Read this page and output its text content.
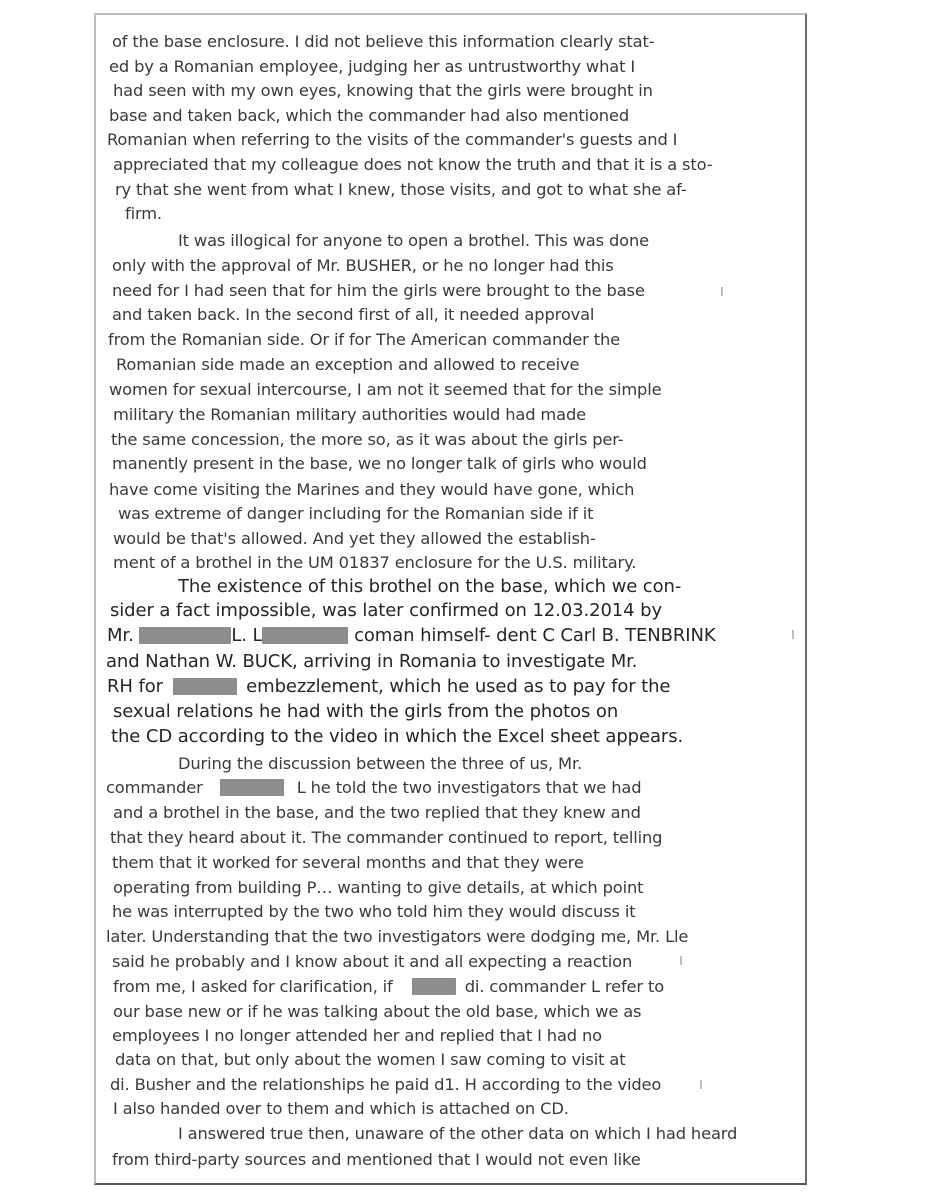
of the base enclosure. I did not believe this information clearly stat-
ed by a Romanian employee, judging her as untrustworthy what I
had seen with my own eyes, knowing that the girls were brought in
base and taken back, which the commander had also mentioned
Romanian when referring to the visits of the commander's guests and I
appreciated that my colleague does not know the truth and that it is a sto-
ry that she went from what I knew, those visits, and got to what she af-
firm.
It was illogical for anyone to open a brothel. This was done
only with the approval of Mr. BUSHER, or he no longer had this
need for I had seen that for him the girls were brought to the base
and taken back. In the second first of all, it needed approval
from the Romanian side. Or if for The American commander the
Romanian side made an exception and allowed to receive
women for sexual intercourse, I am not it seemed that for the simple
military the Romanian military authorities would had made
the same concession, the more so, as it was about the girls per-
manently present in the base, we no longer talk of girls who would
have come visiting the Marines and they would have gone, which
was extreme of danger including for the Romanian side if it
would be that's allowed. And yet they allowed the establish-
ment of a brothel in the UM 01837 enclosure for the U.S. military.
The existence of this brothel on the base, which we con-
sider a fact impossible, was later confirmed on 12.03.2014 by
Mr.	L. L	coman himself- dent C Carl B. TENBRINK
and Nathan W. BUCK, arriving in Romania to investigate Mr.
RH for	embezzlement, which he used as to pay for the
sexual relations he had with the girls from the photos on
the CD according to the video in which the Excel sheet appears.
During the discussion between the three of us, Mr.
commander	L he told the two investigators that we had
and a brothel in the base, and the two replied that they knew and
that they heard about it. The commander continued to report, telling
them that it worked for several months and that they were
operating from building P… wanting to give details, at which point
he was interrupted by the two who told him they would discuss it
later. Understanding that the two investigators were dodging me, Mr. Lle
said he probably and I know about it and all expecting a reaction
from me, I asked for clarification, if	di. commander L refer to
our base new or if he was talking about the old base, which we as
employees I no longer attended her and replied that I had no
data on that, but only about the women I saw coming to visit at
di. Busher and the relationships he paid d1. H according to the video
I also handed over to them and which is attached on CD.
I answered true then, unaware of the other data on which I had heard
from third-party sources and mentioned that I would not even like
